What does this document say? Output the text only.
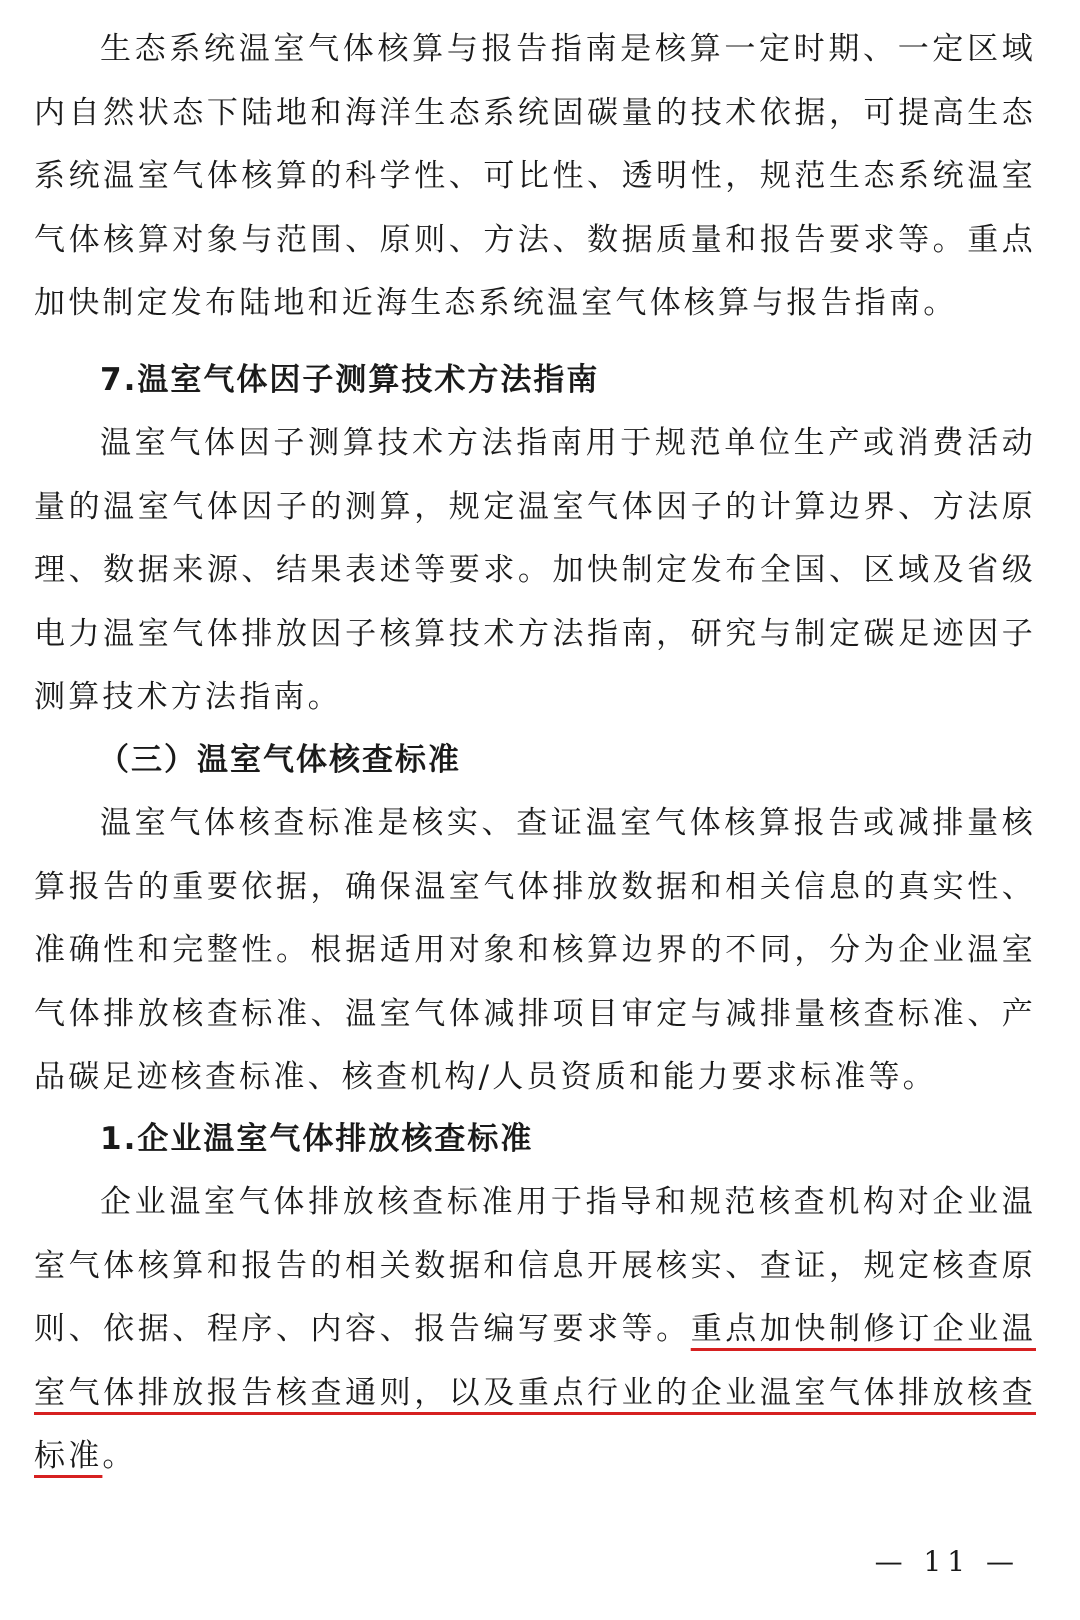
生态系统温室气体核算与报告指南是核算一定时期、一定区域内自然状态下陆地和海洋生态系统固碳量的技术依据，可提高生态系统温室气体核算的科学性、可比性、透明性，规范生态系统温室气体核算对象与范围、原则、方法、数据质量和报告要求等。重点加快制定发布陆地和近海生态系统温室气体核算与报告指南。

7.温室气体因子测算技术方法指南

温室气体因子测算技术方法指南用于规范单位生产或消费活动量的温室气体因子的测算，规定温室气体因子的计算边界、方法原理、数据来源、结果表述等要求。加快制定发布全国、区域及省级电力温室气体排放因子核算技术方法指南，研究与制定碳足迹因子测算技术方法指南。

（三）温室气体核查标准

温室气体核查标准是核实、查证温室气体核算报告或减排量核算报告的重要依据，确保温室气体排放数据和相关信息的真实性、准确性和完整性。根据适用对象和核算边界的不同，分为企业温室气体排放核查标准、温室气体减排项目审定与减排量核查标准、产品碳足迹核查标准、核查机构/人员资质和能力要求标准等。

1.企业温室气体排放核查标准

企业温室气体排放核查标准用于指导和规范核查机构对企业温室气体核算和报告的相关数据和信息开展核实、查证，规定核查原则、依据、程序、内容、报告编写要求等。重点加快制修订企业温室气体排放报告核查通则，以及重点行业的企业温室气体排放核查标准。

— 11 —
